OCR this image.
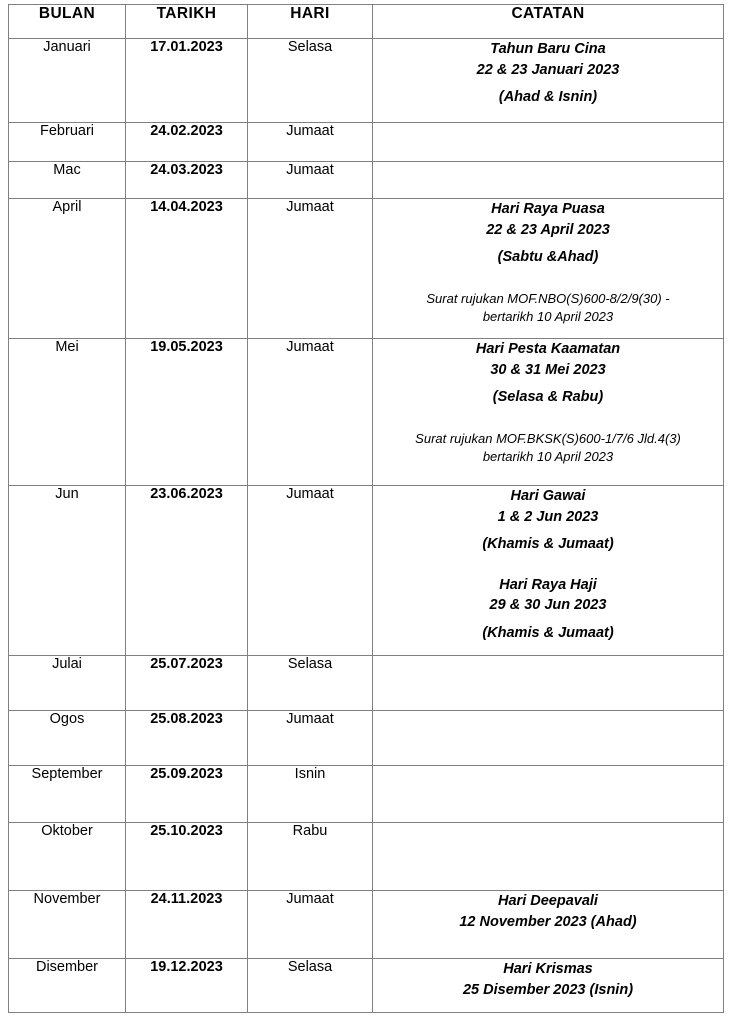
BULAN	TARIKH	HARI	CATATAN
Januari	17.01.2023	Selasa	Tahun Baru Cina
22 & 23 Januari 2023
(Ahad & Isnin)

Februari	24.02.2023	Jumaat	
Mac	24.03.2023	Jumaat	
April	14.04.2023	Jumaat	Hari Raya Puasa
22 & 23 April 2023
(Sabtu &Ahad)
Surat rujukan MOF.NBO(S)600-8/2/9(30) -
bertarikh 10 April 2023

Mei	19.05.2023	Jumaat	Hari Pesta Kaamatan
30 & 31 Mei 2023
(Selasa & Rabu)
Surat rujukan MOF.BKSK(S)600-1/7/6 Jld.4(3)
bertarikh 10 April 2023

Jun	23.06.2023	Jumaat	Hari Gawai
1 & 2 Jun 2023
(Khamis & Jumaat)
Hari Raya Haji
29 & 30 Jun 2023
(Khamis & Jumaat)

Julai	25.07.2023	Selasa	
Ogos	25.08.2023	Jumaat	
September	25.09.2023	Isnin	
Oktober	25.10.2023	Rabu	
November	24.11.2023	Jumaat	Hari Deepavali
12 November 2023 (Ahad)

Disember	19.12.2023	Selasa	Hari Krismas
25 Disember 2023 (Isnin)
